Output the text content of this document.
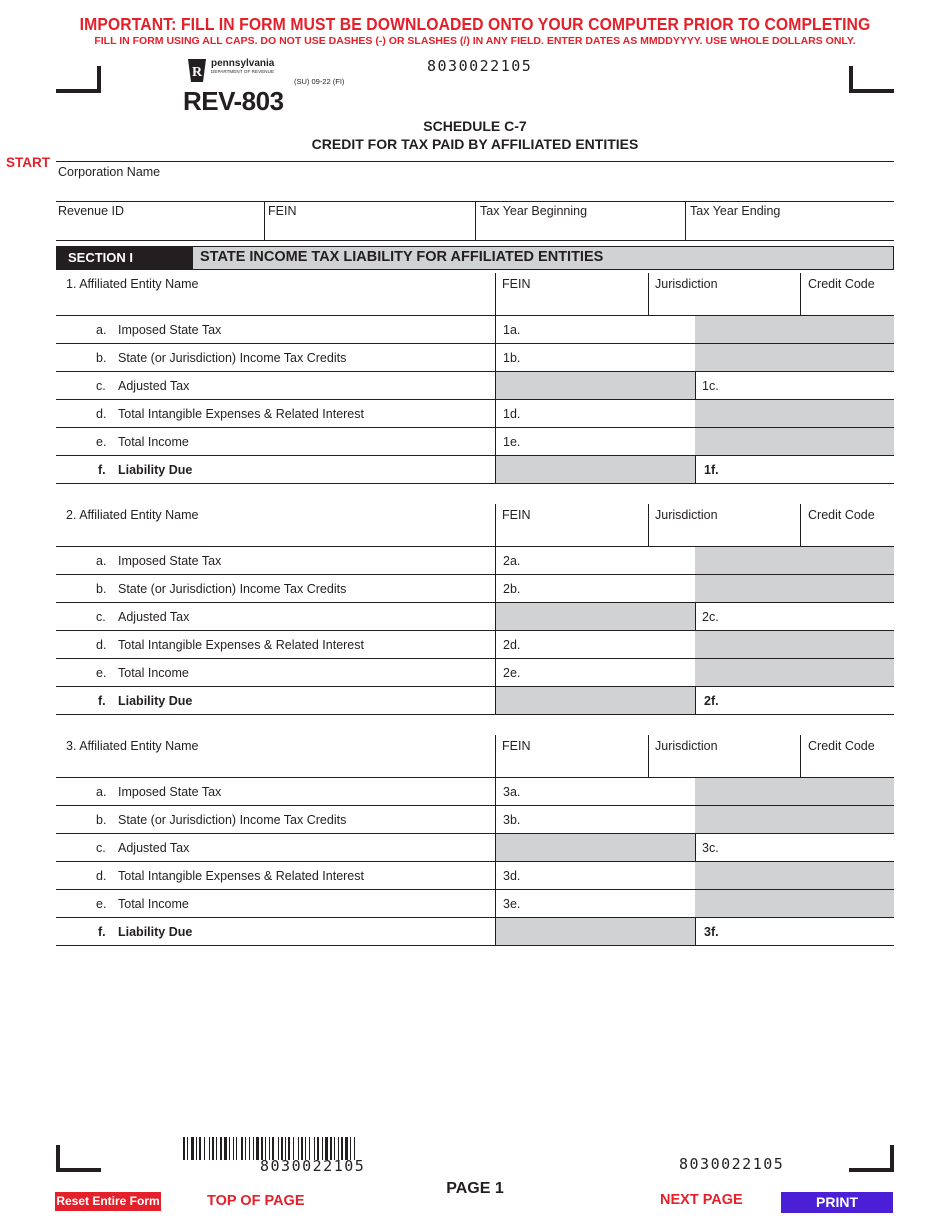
IMPORTANT: FILL IN FORM MUST BE DOWNLOADED ONTO YOUR COMPUTER PRIOR TO COMPLETING
FILL IN FORM USING ALL CAPS. DO NOT USE DASHES (-) OR SLASHES (/) IN ANY FIELD. ENTER DATES AS MMDDYYYY. USE WHOLE DOLLARS ONLY.
R
pennsylvania
DEPARTMENT OF REVENUE
(SU) 09-22 (FI)
REV-803
8030022105
SCHEDULE C-7
CREDIT FOR TAX PAID BY AFFILIATED ENTITIES
START
Corporation Name
Revenue ID	FEIN	Tax Year Beginning	Tax Year Ending
SECTION I	STATE INCOME TAX LIABILITY FOR AFFILIATED ENTITIES
1. Affiliated Entity Name	FEIN	Jurisdiction	Credit Code
a. Imposed State Tax	1a.
b. State (or Jurisdiction) Income Tax Credits	1b.
c. Adjusted Tax	1c.
d. Total Intangible Expenses & Related Interest	1d.
e. Total Income	1e.
f. Liability Due	1f.
2. Affiliated Entity Name	FEIN	Jurisdiction	Credit Code
a. Imposed State Tax	2a.
b. State (or Jurisdiction) Income Tax Credits	2b.
c. Adjusted Tax	2c.
d. Total Intangible Expenses & Related Interest	2d.
e. Total Income	2e.
f. Liability Due	2f.
3. Affiliated Entity Name	FEIN	Jurisdiction	Credit Code
a. Imposed State Tax	3a.
b. State (or Jurisdiction) Income Tax Credits	3b.
c. Adjusted Tax	3c.
d. Total Intangible Expenses & Related Interest	3d.
e. Total Income	3e.
f. Liability Due	3f.
8030022105	8030022105
PAGE 1
Reset Entire Form	TOP OF PAGE	NEXT PAGE	PRINT
